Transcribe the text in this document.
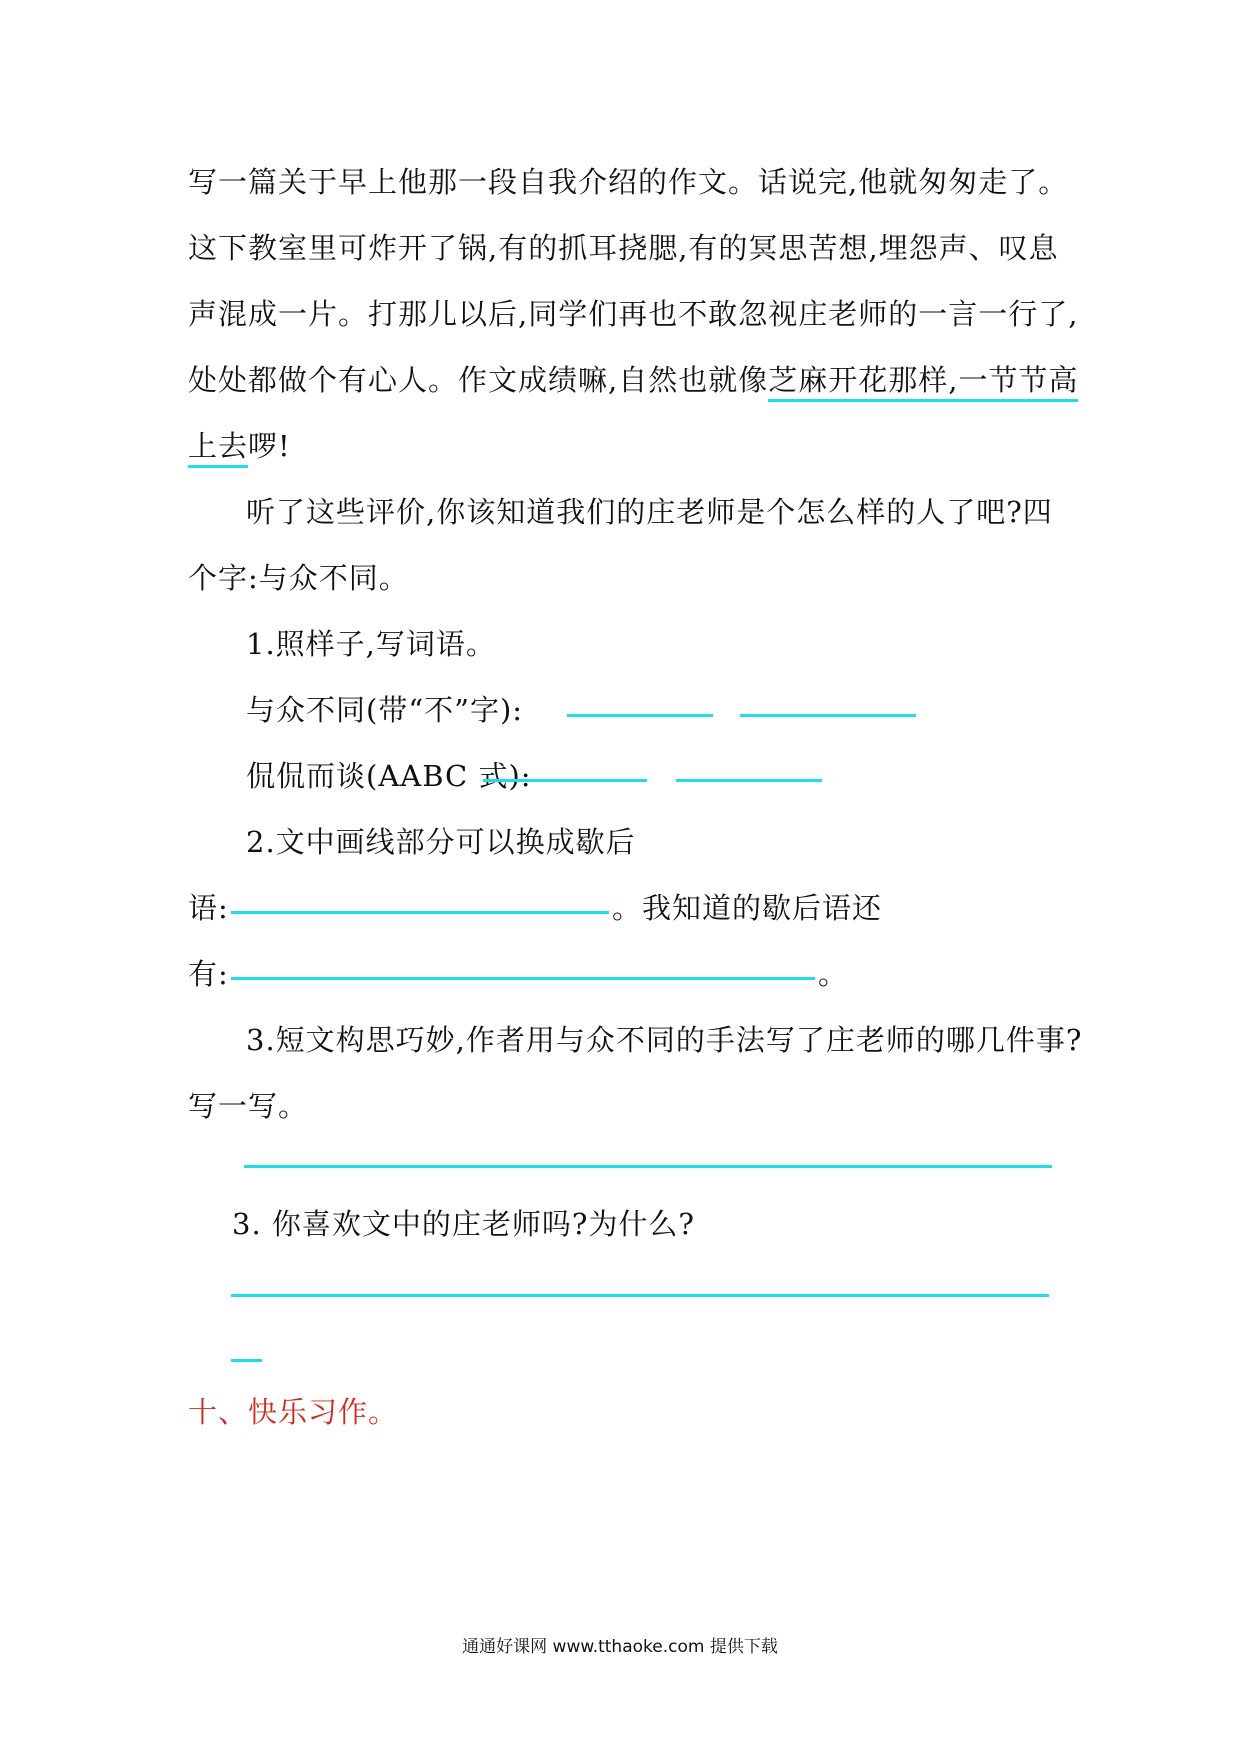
写一篇关于早上他那一段自我介绍的作文。话说完,他就匆匆走了。
这下教室里可炸开了锅,有的抓耳挠腮,有的冥思苦想,埋怨声、叹息
声混成一片。打那儿以后,同学们再也不敢忽视庄老师的一言一行了,
处处都做个有心人。作文成绩嘛,自然也就像芝麻开花那样,一节节高
上去啰!
听了这些评价,你该知道我们的庄老师是个怎么样的人了吧?四
个字:与众不同。
1.照样子,写词语。
与众不同(带“不”字):
侃侃而谈(AABC 式):
2.文中画线部分可以换成歇后
语:	。我知道的歇后语还
有:	。
3.短文构思巧妙,作者用与众不同的手法写了庄老师的哪几件事?
写一写。
3. 你喜欢文中的庄老师吗?为什么?
十、快乐习作。
通通好课网 www.tthaoke.com 提供下载
